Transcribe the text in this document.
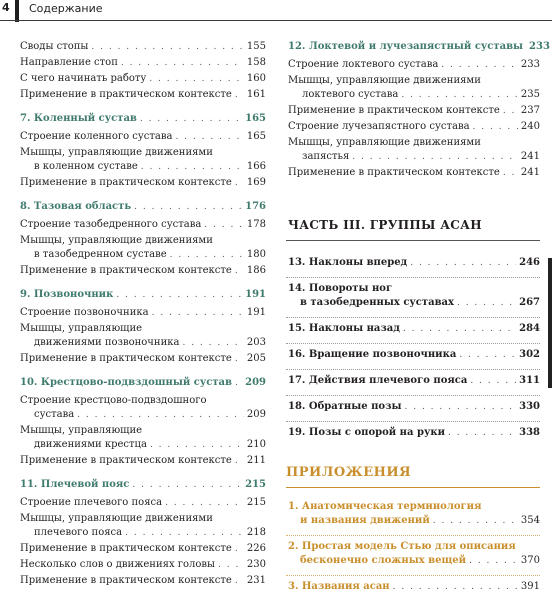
4 Содержание
Своды стопы . . .	155
Направление стоп . . .	158
С чего начинать работу . . .	160
Применение в практическом контексте . . . 161
7. Коленный сустав . . .	165
Строение коленного сустава . . .	165
Мышцы, управляющие движениями
в коленном суставе . . .	166
Применение в практическом контексте . . . 169
8. Тазовая область . . .	176
Строение тазобедренного сустава . . .	178
Мышцы, управляющие движениями
в тазобедренном суставе . . .	180
Применение в практическом контексте . . . 186
9. Позвоночник . . .	191
Строение позвоночника . . .	191
Мышцы, управляющие
движениями позвоночника . . .	203
Применение в практическом контексте . . . 205
10. Крестцово-подвздошный сустав . . . 209
Строение крестцово-подвздошного
сустава . . .	209
Мышцы, управляющие
движениями крестца . . .	210
Применение в практическом контексте . . . 211
11. Плечевой пояс . . .	215
Строение плечевого пояса . . .	215
Мышцы, управляющие движениями
плечевого пояса . . .	218
Применение в практическом контексте . . . 226
Несколько слов о движениях головы . . .	230
Применение в практическом контексте . . . 231
12. Локтевой и лучезапястный суставы 233
Строение локтевого сустава . . .	233
Мышцы, управляющие движениями
локтевого сустава . . .	235
Применение в практическом контексте . . . 237
Строение лучезапястного сустава . . .	240
Мышцы, управляющие движениями
запястья . . .	241
Применение в практическом контексте . . . 241
ЧАСТЬ III. ГРУППЫ АСАН
ПРИЛОЖЕНИЯ
13. Наклоны вперед . . .	246
14. Повороты ног
в тазобедренных суставах . . .	267
15. Наклоны назад . . .	284
16. Вращение позвоночника . . .	302
17. Действия плечевого пояса . . .	311
18. Обратные позы . . .	330
19. Позы с опорой на руки . . .	338
1. Анатомическая терминология
и названия движений . . .	354
2. Простая модель Стью для описания
бесконечно сложных вещей . . .	370
3. Названия асан . . .	391
